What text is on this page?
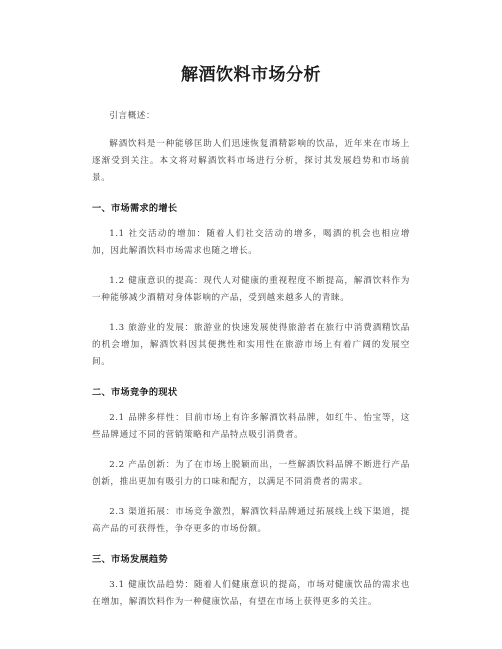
解酒饮料市场分析

引言概述：

解酒饮料是一种能够匡助人们迅速恢复酒精影响的饮品，近年来在市场上逐渐受到关注。本文将对解酒饮料市场进行分析，探讨其发展趋势和市场前景。

一、市场需求的增长

1.1 社交活动的增加：随着人们社交活动的增多，喝酒的机会也相应增加，因此解酒饮料市场需求也随之增长。

1.2 健康意识的提高：现代人对健康的重视程度不断提高，解酒饮料作为一种能够减少酒精对身体影响的产品，受到越来越多人的青睐。

1.3 旅游业的发展：旅游业的快速发展使得旅游者在旅行中消费酒精饮品的机会增加，解酒饮料因其便携性和实用性在旅游市场上有着广阔的发展空间。

二、市场竞争的现状

2.1 品牌多样性：目前市场上有许多解酒饮料品牌，如红牛、怡宝等，这些品牌通过不同的营销策略和产品特点吸引消费者。

2.2 产品创新：为了在市场上脱颖而出，一些解酒饮料品牌不断进行产品创新，推出更加有吸引力的口味和配方，以满足不同消费者的需求。

2.3 渠道拓展：市场竞争激烈，解酒饮料品牌通过拓展线上线下渠道，提高产品的可获得性，争夺更多的市场份额。

三、市场发展趋势

3.1 健康饮品趋势：随着人们健康意识的提高，市场对健康饮品的需求也在增加，解酒饮料作为一种健康饮品，有望在市场上获得更多的关注。
